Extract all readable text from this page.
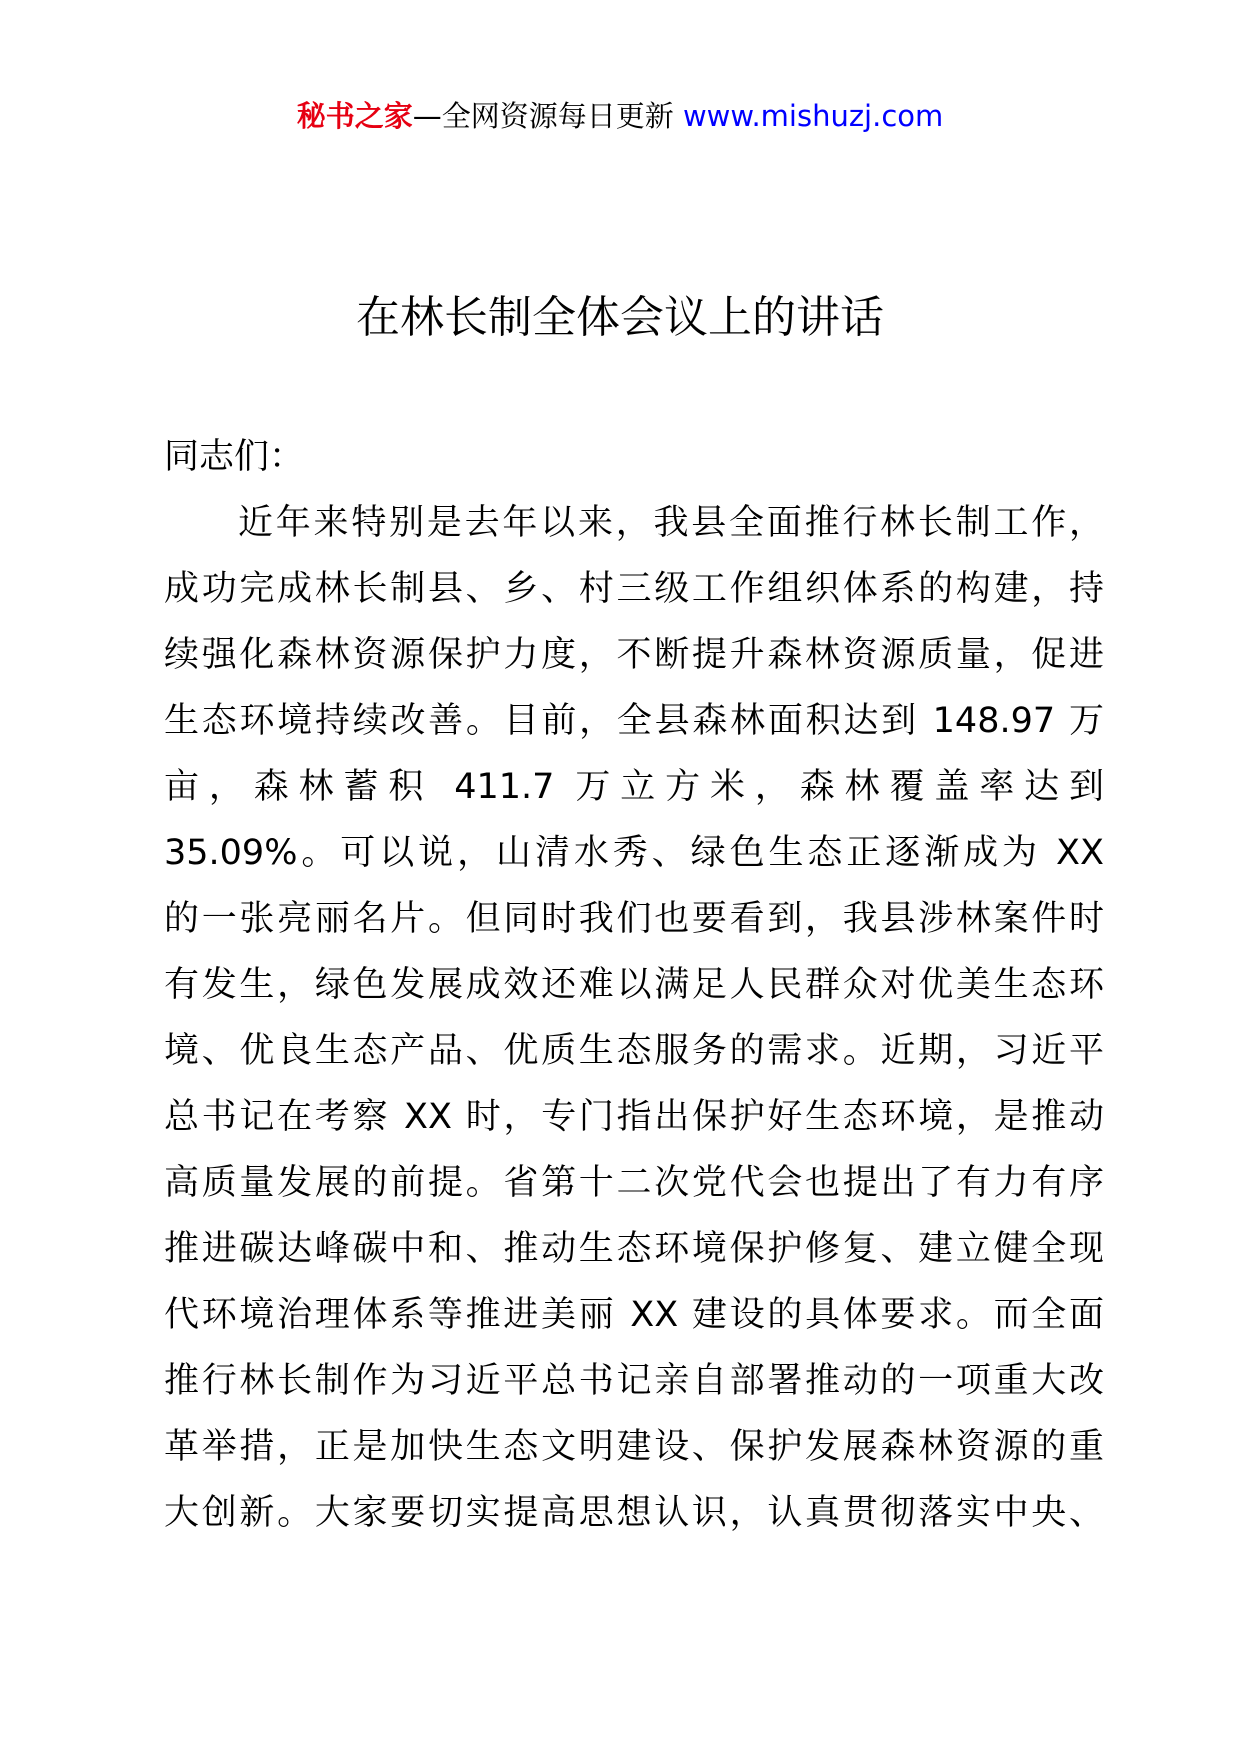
秘书之家—全网资源每日更新 www.mishuzj.com
在林长制全体会议上的讲话

同志们：

近年来特别是去年以来，我县全面推行林长制工作，
成功完成林长制县、乡、村三级工作组织体系的构建，持
续强化森林资源保护力度，不断提升森林资源质量，促进
生态环境持续改善。目前，全县森林面积达到 148.97 万
亩，森林蓄积 411.7 万立方米，森林覆盖率达到
35.09%。可以说，山清水秀、绿色生态正逐渐成为 XX
的一张亮丽名片。但同时我们也要看到，我县涉林案件时
有发生，绿色发展成效还难以满足人民群众对优美生态环
境、优良生态产品、优质生态服务的需求。近期，习近平
总书记在考察 XX 时，专门指出保护好生态环境，是推动
高质量发展的前提。省第十二次党代会也提出了有力有序
推进碳达峰碳中和、推动生态环境保护修复、建立健全现
代环境治理体系等推进美丽 XX 建设的具体要求。而全面
推行林长制作为习近平总书记亲自部署推动的一项重大改
革举措，正是加快生态文明建设、保护发展森林资源的重
大创新。大家要切实提高思想认识，认真贯彻落实中央、
